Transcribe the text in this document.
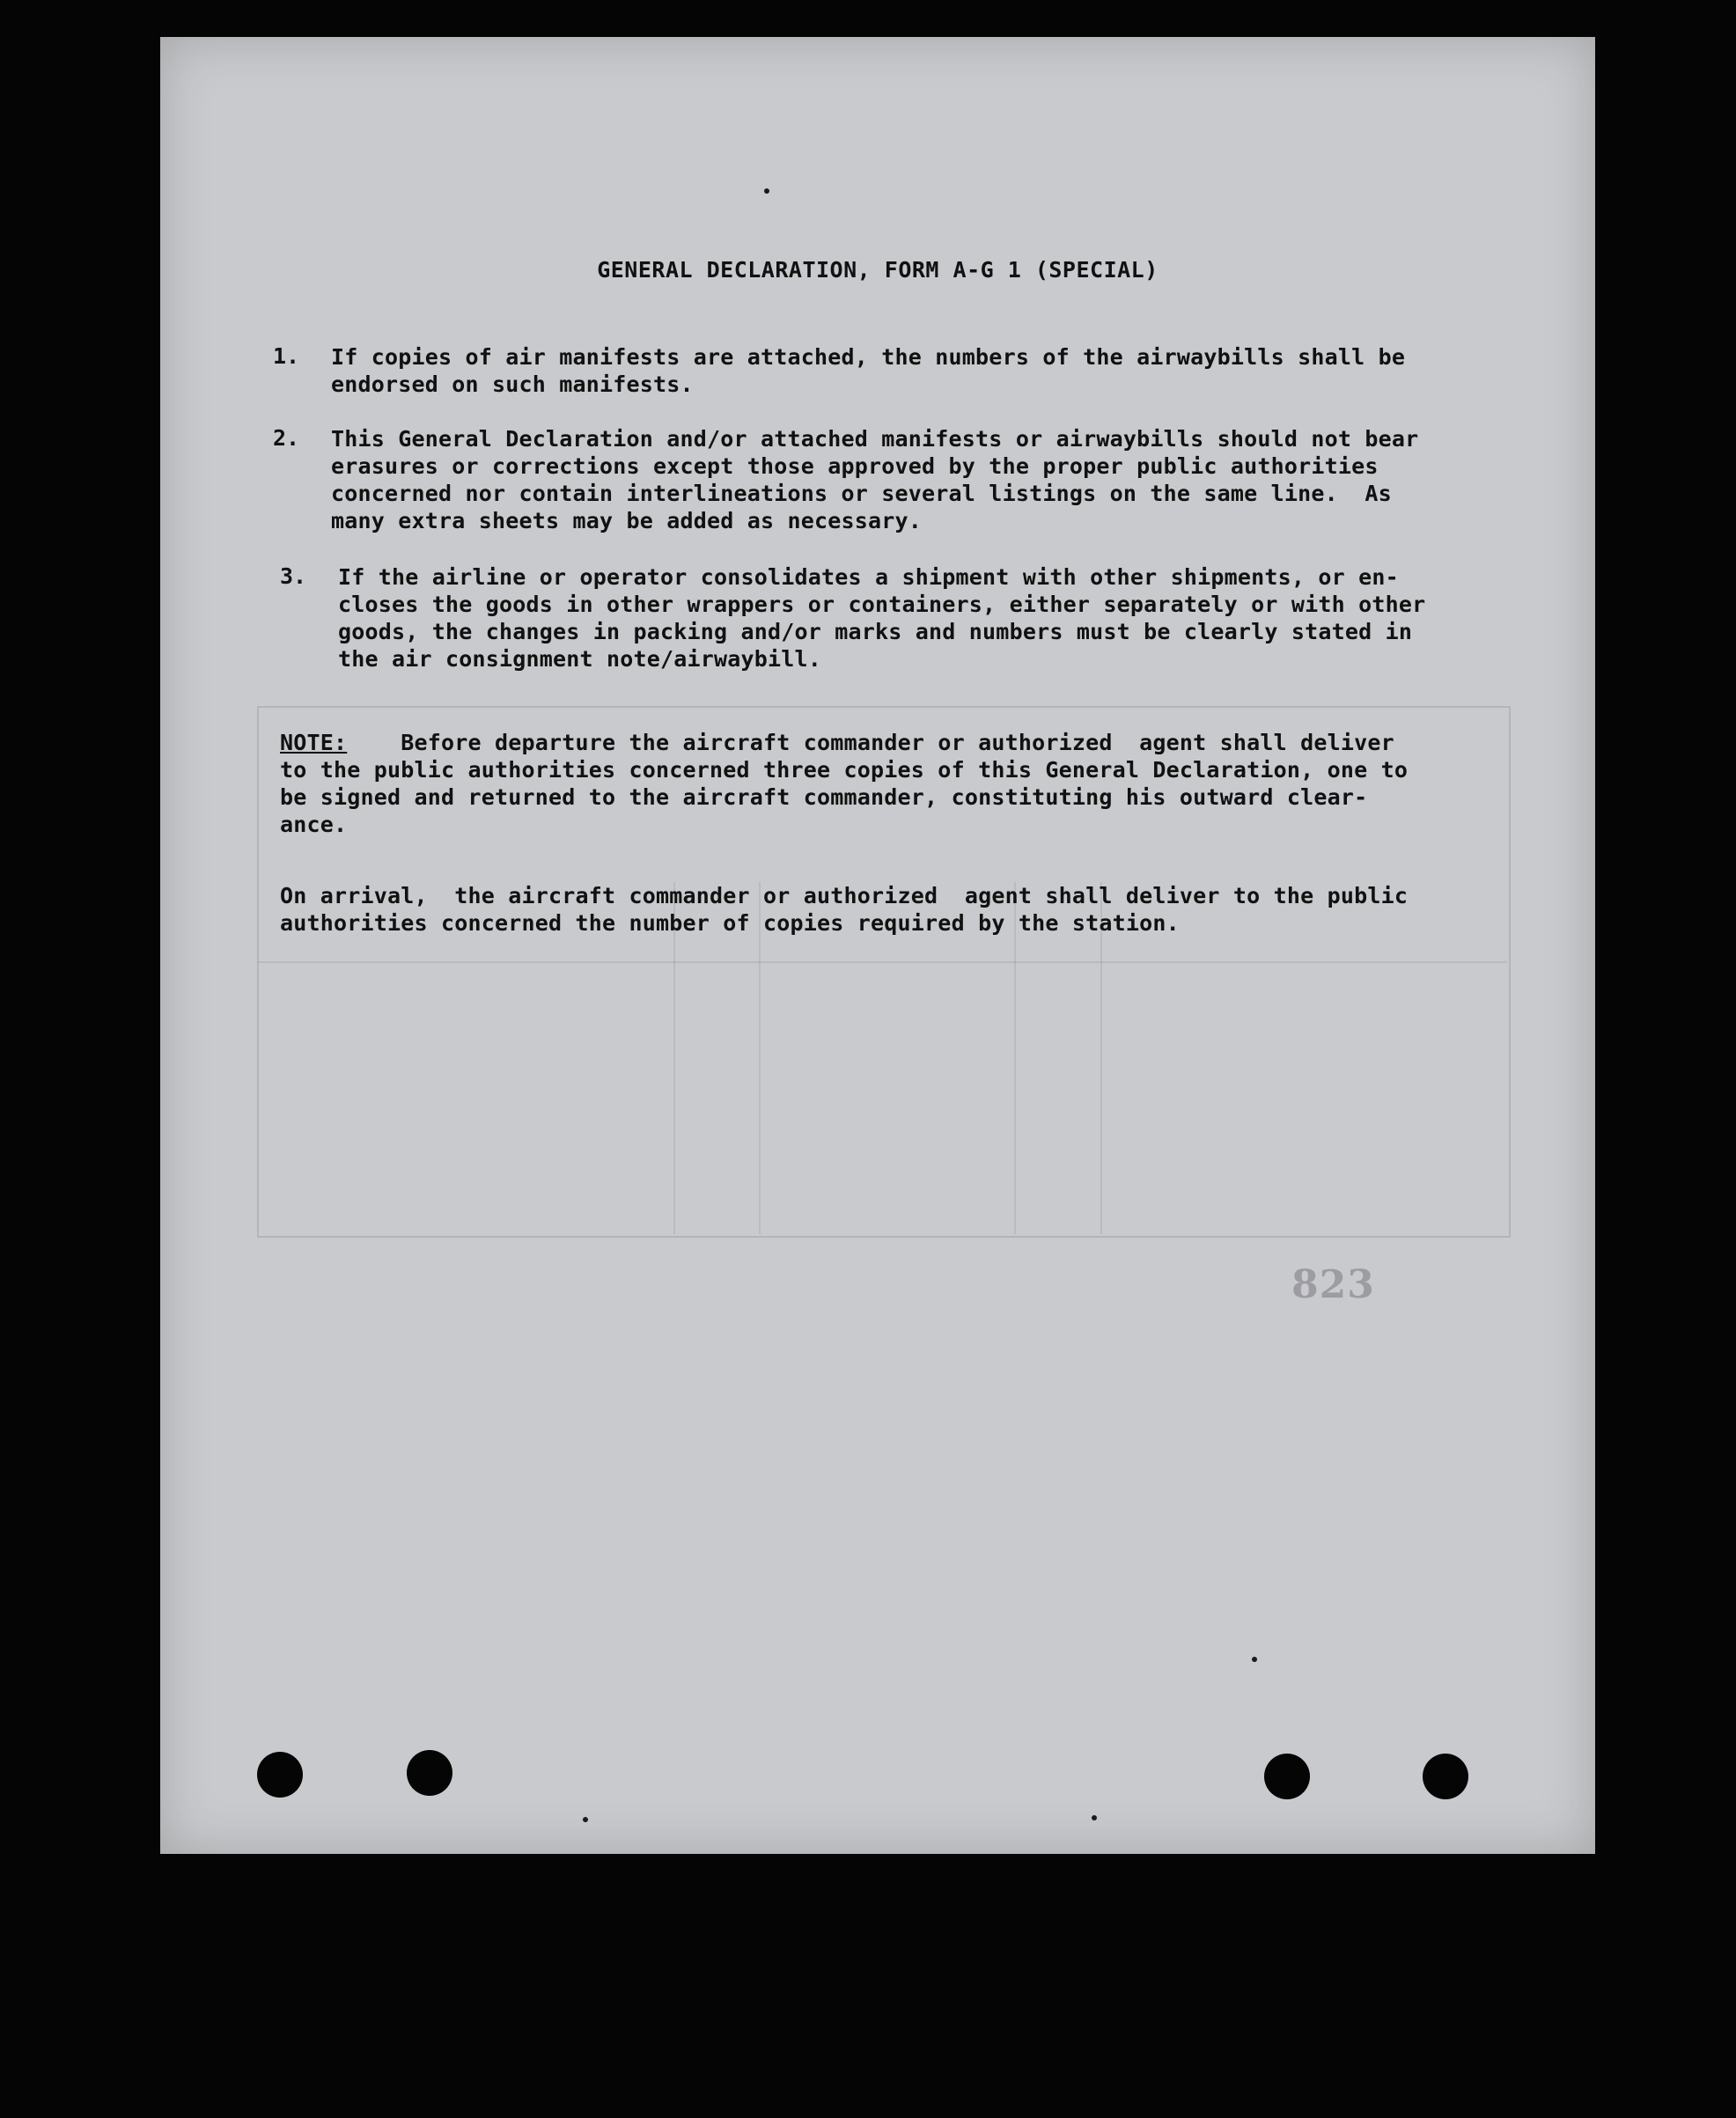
GENERAL DECLARATION, FORM A-G 1 (SPECIAL)
1. If copies of air manifests are attached, the numbers of the airwaybills shall be
endorsed on such manifests.
2. This General Declaration and/or attached manifests or airwaybills should not bear
erasures or corrections except those approved by the proper public authorities
concerned nor contain interlineations or several listings on the same line.  As
many extra sheets may be added as necessary.
3. If the airline or operator consolidates a shipment with other shipments, or en-
closes the goods in other wrappers or containers, either separately or with other
goods, the changes in packing and/or marks and numbers must be clearly stated in
the air consignment note/airwaybill.
NOTE:    Before departure the aircraft commander or authorized  agent shall deliver
to the public authorities concerned three copies of this General Declaration, one to
be signed and returned to the aircraft commander, constituting his outward clear-
ance.
On arrival,  the aircraft commander or authorized  agent shall deliver to the public
authorities concerned the number of copies required by the station.
823
